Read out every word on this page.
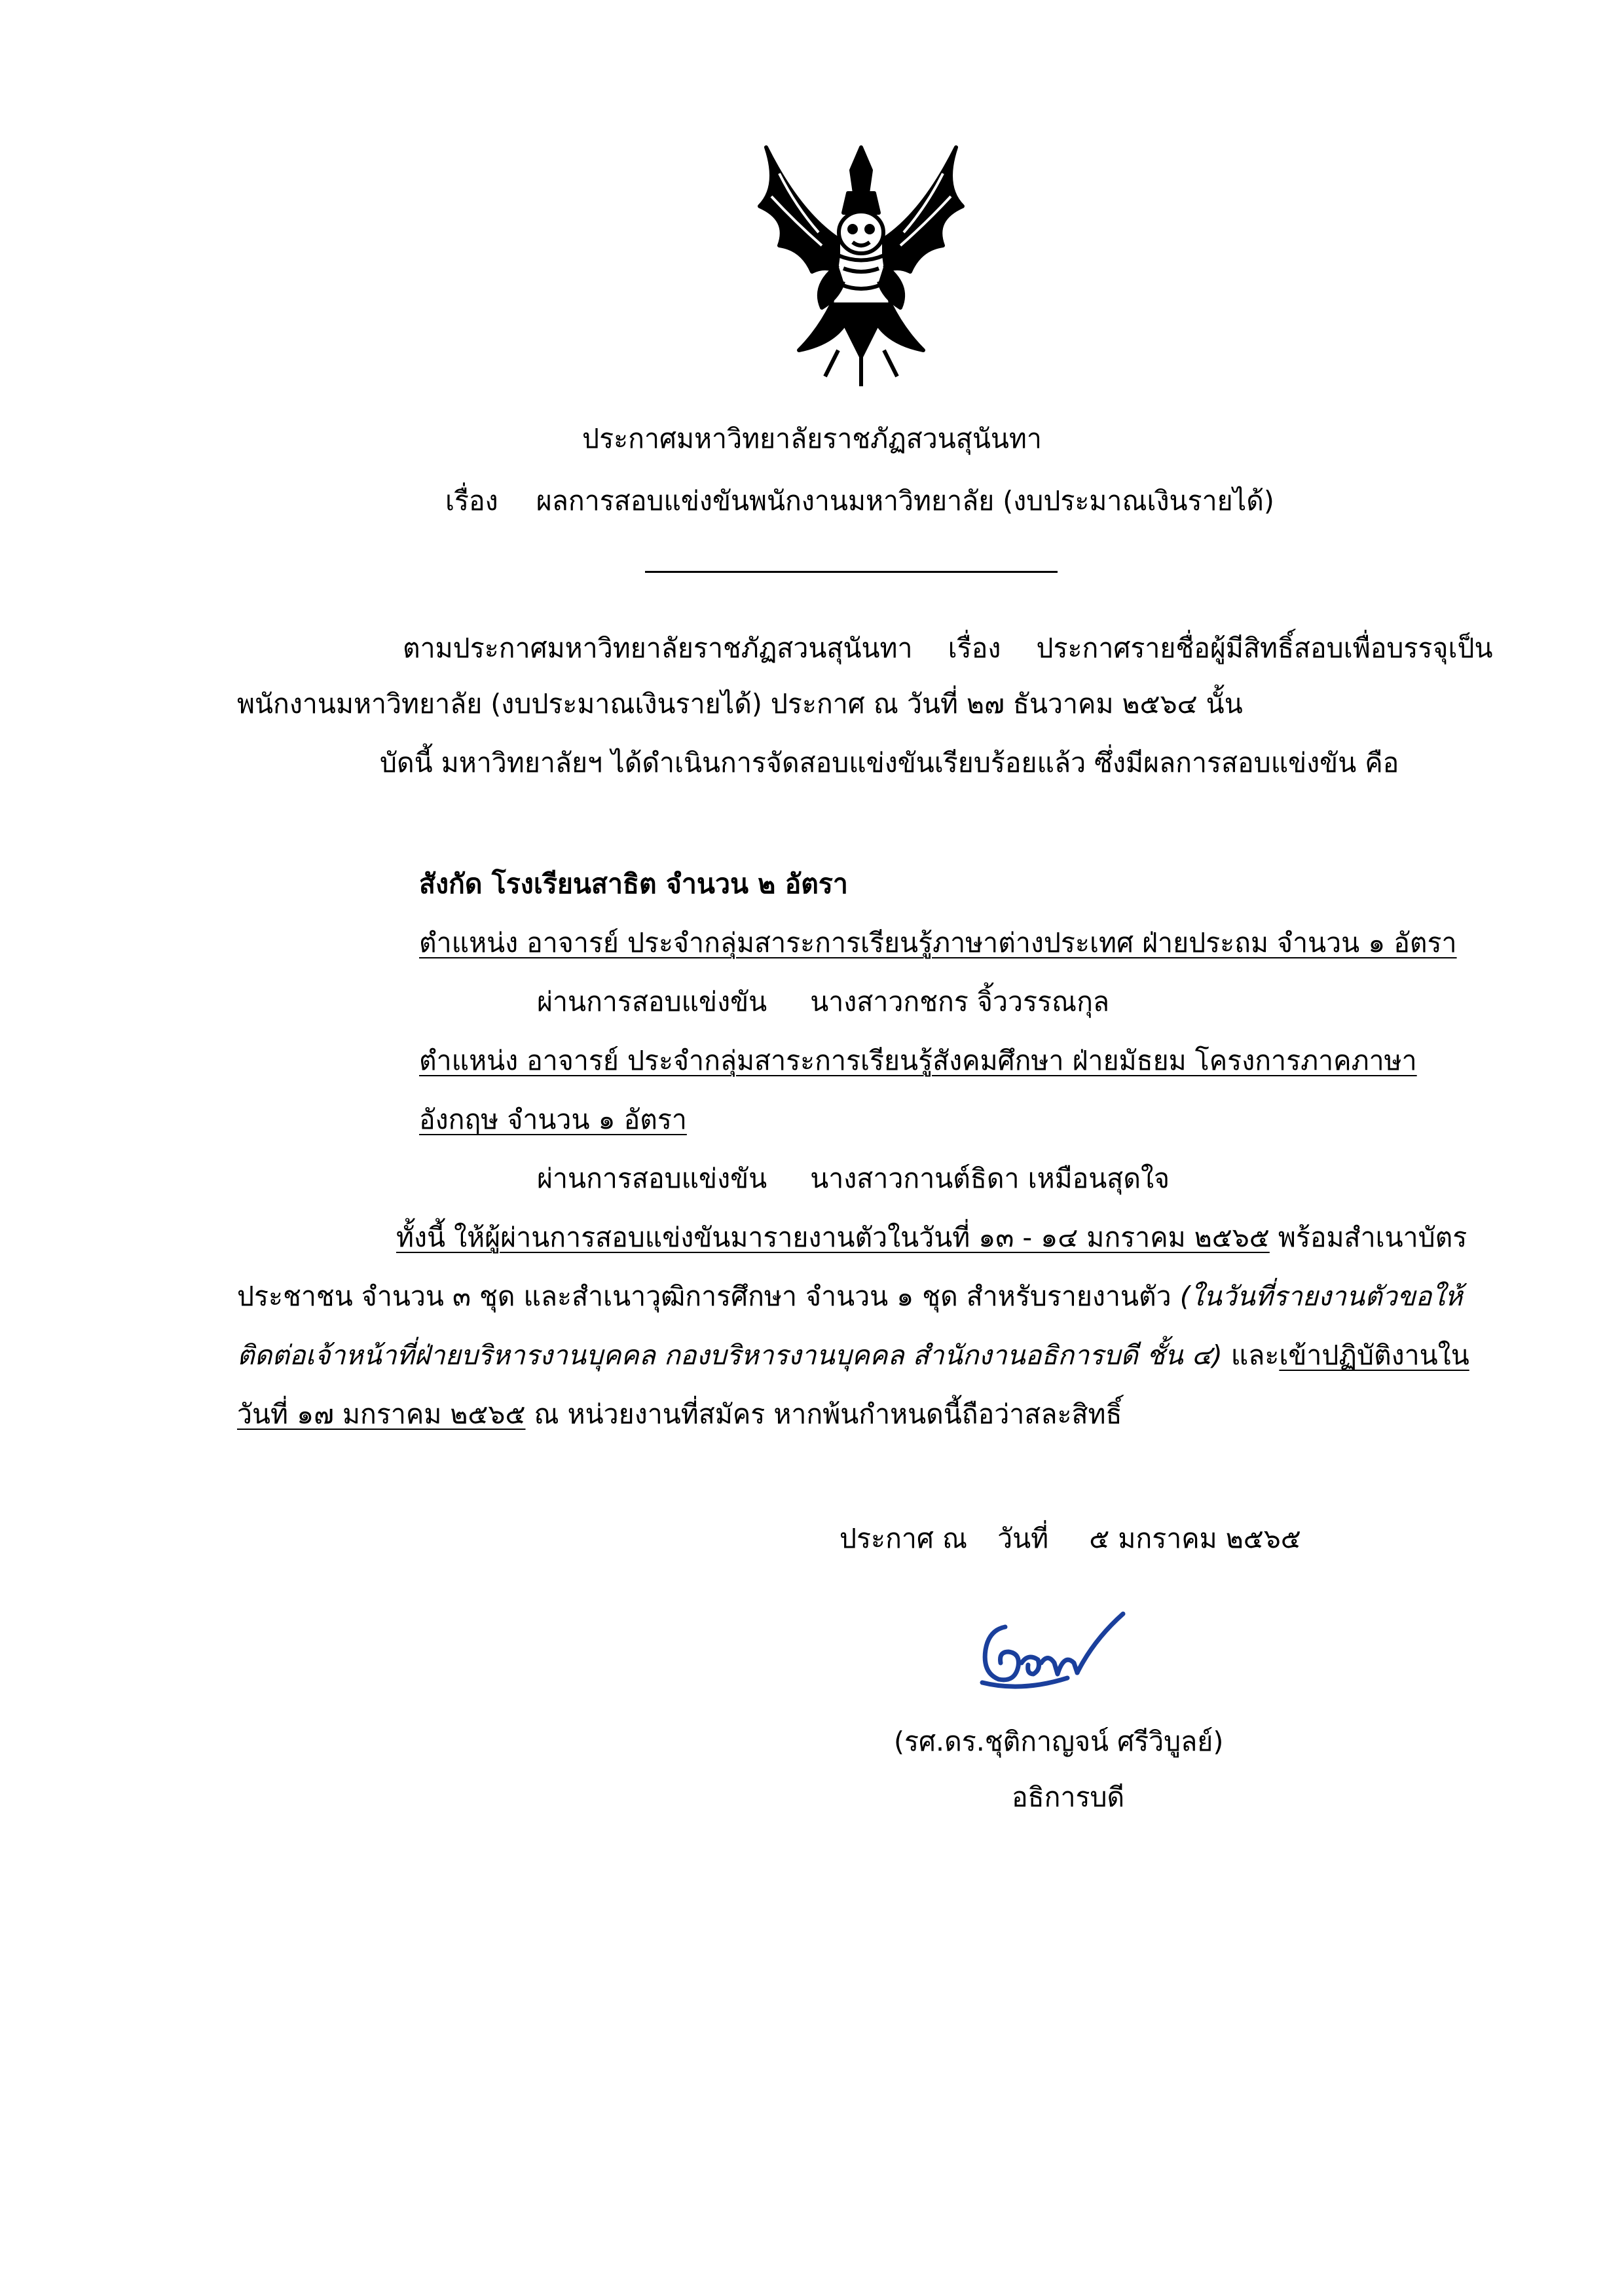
ประกาศมหาวิทยาลัยราชภัฏสวนสุนันทา
เรื่อง ผลการสอบแข่งขันพนักงานมหาวิทยาลัย (งบประมาณเงินรายได้)
ตามประกาศมหาวิทยาลัยราชภัฏสวนสุนันทา เรื่อง ประกาศรายชื่อผู้มีสิทธิ์สอบเพื่อบรรจุเป็น
พนักงานมหาวิทยาลัย (งบประมาณเงินรายได้) ประกาศ ณ วันที่ ๒๗ ธันวาคม ๒๕๖๔ นั้น
บัดนี้ มหาวิทยาลัยฯ ได้ดำเนินการจัดสอบแข่งขันเรียบร้อยแล้ว ซึ่งมีผลการสอบแข่งขัน คือ
สังกัด โรงเรียนสาธิต จำนวน ๒ อัตรา
ตำแหน่ง อาจารย์ ประจำกลุ่มสาระการเรียนรู้ภาษาต่างประเทศ ฝ่ายประถม จำนวน ๑ อัตรา
ผ่านการสอบแข่งขัน นางสาวกชกร จิ้ววรรณกุล
ตำแหน่ง อาจารย์ ประจำกลุ่มสาระการเรียนรู้สังคมศึกษา ฝ่ายมัธยม โครงการภาคภาษา
อังกฤษ จำนวน ๑ อัตรา
ผ่านการสอบแข่งขัน นางสาวกานต์ธิดา เหมือนสุดใจ
ทั้งนี้ ให้ผู้ผ่านการสอบแข่งขันมารายงานตัวในวันที่ ๑๓ - ๑๔ มกราคม ๒๕๖๕ พร้อมสำเนาบัตร
ประชาชน จำนวน ๓ ชุด และสำเนาวุฒิการศึกษา จำนวน ๑ ชุด สำหรับรายงานตัว (ในวันที่รายงานตัวขอให้
ติดต่อเจ้าหน้าที่ฝ่ายบริหารงานบุคคล กองบริหารงานบุคคล สำนักงานอธิการบดี ชั้น ๔) และเข้าปฏิบัติงานใน
วันที่ ๑๗ มกราคม ๒๕๖๕ ณ หน่วยงานที่สมัคร หากพ้นกำหนดนี้ถือว่าสละสิทธิ์
ประกาศ ณ วันที่ ๕ มกราคม ๒๕๖๕
(รศ.ดร.ชุติกาญจน์ ศรีวิบูลย์)
อธิการบดี
